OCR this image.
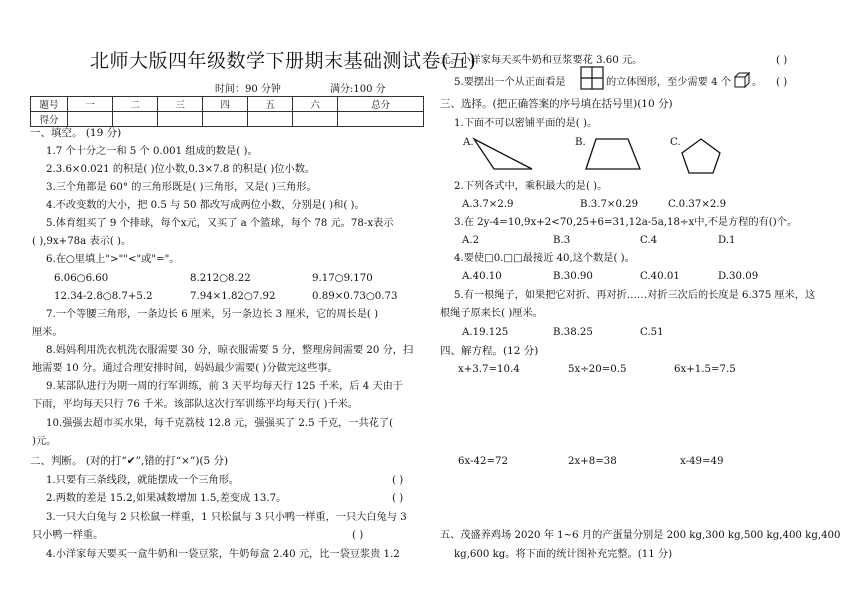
北师大版四年级数学下册期末基础测试卷(五)
时间：90 分钟	满分:100 分
题号	一	二	三	四	五	六	总分
得分							
一、填空。 (19 分)
1.7 个十分之一和 5 个 0.001 组成的数是( )。
2.3.6×0.021 的积是( )位小数,0.3×7.8 的积是( )位小数。
3.三个角都是 60° 的三角形既是( )三角形，又是( )三角形。
4.不改变数的大小，把 0.5 与 50 都改写成两位小数，分别是( )和( )。
5.体育组买了 9 个排球，每个x元，又买了 a 个篮球，每个 78 元。78-x表示
( ),9x+78a 表示( )。
6.在○里填上">""<"或"="。
6.06○6.60	8.212○8.22	9.17○9.170
12.34-2.8○8.7+5.2	7.94×1.82○7.92	0.89×0.73○0.73
7.一个等腰三角形，一条边长 6 厘米，另一条边长 3 厘米，它的周长是( )
厘米。
8.妈妈利用洗衣机洗衣服需要 30 分，晾衣服需要 5 分，整理房间需要 20 分，扫
地需要 10 分。通过合理安排时间，妈妈最少需要( )分做完这些事。
9.某部队进行为期一周的行军训练，前 3 天平均每天行 125 千米，后 4 天由于
下雨，平均每天只行 76 千米。该部队这次行军训练平均每天行( )千米。
10.强强去超市买水果，每千克荔枝 12.8 元，强强买了 2.5 千克，一共花了(
)元。
二、判断。 (对的打“✔”,错的打“×”)(5 分)
1.只要有三条线段，就能摆成一个三角形。	( )
2.两数的差是 15.2,如果减数增加 1.5,差变成 13.7。	( )
3.一只大白兔与 2 只松鼠一样重，1 只松鼠与 3 只小鸭一样重，一只大白兔与 3
只小鸭一样重。	( )
4.小洋家每天要买一盒牛奶和一袋豆浆，牛奶每盒 2.40 元，比一袋豆浆贵 1.2
元。小洋家每天买牛奶和豆浆要花 3.60 元。	( )
5.要摆出一个从正面看是	的立体图形，至少需要 4 个 。 ( )
三、选择。(把正确答案的序号填在括号里)(10 分)
1.下面不可以密铺平面的是( )。
A.	B.	C.
2.下列各式中，乘积最大的是( )。
A.3.7×2.9	B.3.7×0.29	C.0.37×2.9
3.在 2y-4=10,9x+2<70,25+6=31,12a-5a,18÷x中,不是方程的有()个。
A.2	B.3	C.4	D.1
4.要使□0.□□最接近 40,这个数是( )。
A.40.10	B.30.90	C.40.01	D.30.09
5.有一根绳子，如果把它对折、再对折……对折三次后的长度是 6.375 厘米，这
根绳子原来长( )厘米。
A.19.125	B.38.25	C.51
四、解方程。(12 分)
x+3.7=10.4	5x÷20=0.5	6x+1.5=7.5
6x-42=72	2x+8=38	x-49=49
五、茂盛养鸡场 2020 年 1~6 月的产蛋量分别是 200 kg,300 kg,500 kg,400 kg,400
kg,600 kg。将下面的统计图补充完整。(11 分)
